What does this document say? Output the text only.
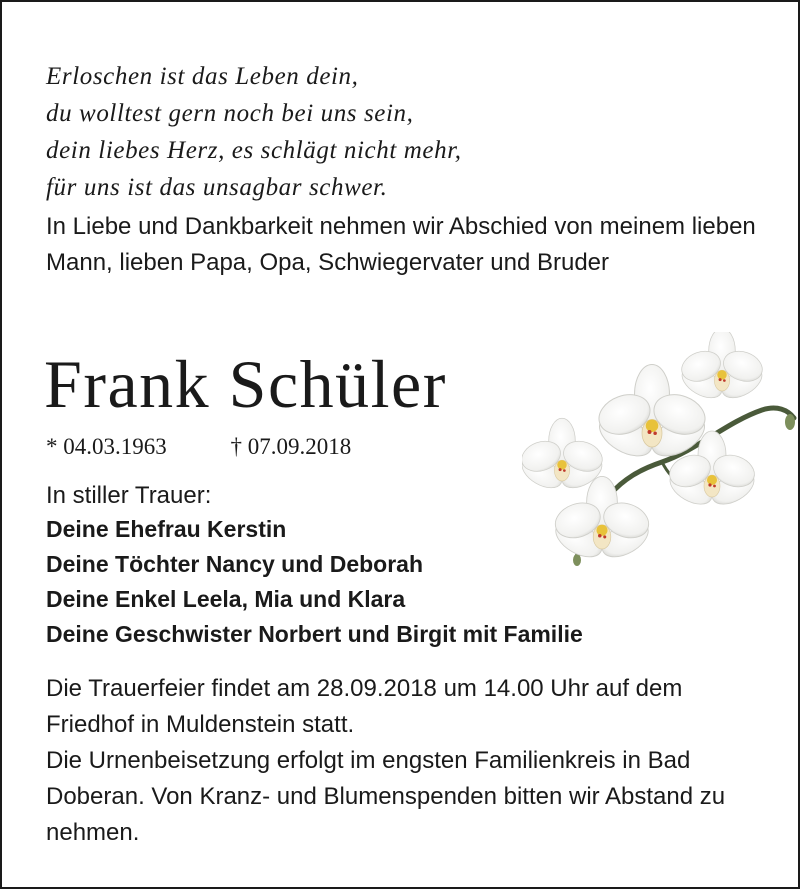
Erloschen ist das Leben dein,
du wolltest gern noch bei uns sein,
dein liebes Herz, es schlägt nicht mehr,
für uns ist das unsagbar schwer.

In Liebe und Dankbarkeit nehmen wir Abschied von meinem lieben Mann, lieben Papa, Opa, Schwiegervater und Bruder

Frank Schüler
* 04.03.1963	† 07.09.2018

In stiller Trauer:

Deine Ehefrau Kerstin
Deine Töchter Nancy und Deborah
Deine Enkel Leela, Mia und Klara
Deine Geschwister Norbert und Birgit mit Familie
Die Trauerfeier findet am 28.09.2018 um 14.00 Uhr auf dem Friedhof in Muldenstein statt.
Die Urnenbeisetzung erfolgt im engsten Familienkreis in Bad Doberan. Von Kranz- und Blumenspenden bitten wir Abstand zu nehmen.
